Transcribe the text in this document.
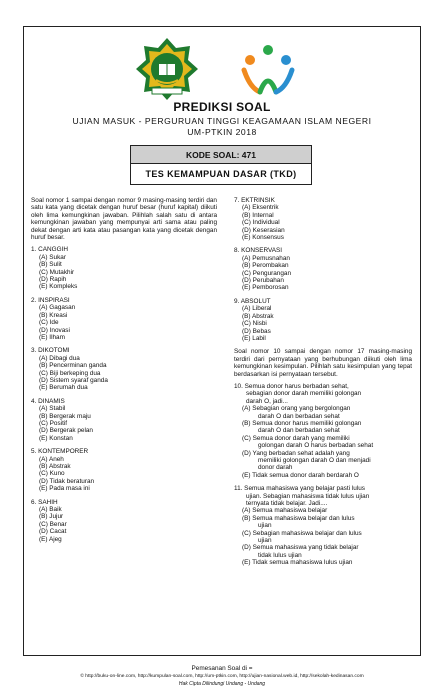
PREDIKSI SOAL
UJIAN MASUK - PERGURUAN TINGGI KEAGAMAAN ISLAM NEGERI
UM-PTKIN 2018
KODE SOAL: 471
TES KEMAMPUAN DASAR (TKD)
Soal nomor 1 sampai dengan nomor 9 masing-masing terdiri dan satu kata yang dicetak dengan huruf besar (huruf kapital) diikuti oleh lima kemungkinan jawaban. Pilihlah salah satu di antara kemungkinan jawaban yang mempunyai arti sama atau paling dekat dengan arti kata atau pasangan kata yang dicetak dengan huruf besar.
1. CANGGIH
(A) Sukar
(B) Sulit
(C) Mutakhir
(D) Rapih
(E) Kompleks
2. INSPIRASI
(A) Gagasan
(B) Kreasi
(C) Ide
(D) Inovasi
(E) Ilham
3. DIKOTOMI
(A) Dibagi dua
(B) Pencerminan ganda
(C) Biji berkeping dua
(D) Sistem syaraf ganda
(E) Berumah dua
4. DINAMIS
(A) Stabil
(B) Bergerak maju
(C) Positif
(D) Bergerak pelan
(E) Konstan
5. KONTEMPORER
(A) Aneh
(B) Abstrak
(C) Kuno
(D) Tidak beraturan
(E) Pada masa ini
6. SAHIH
(A) Baik
(B) Jujur
(C) Benar
(D) Cacat
(E) Ajeg
7. EKTRINSIK
(A) Eksentrik
(B) Internal
(C) Individual
(D) Keserasian
(E) Konsensus
8. KONSERVASI
(A) Pemusnahan
(B) Perombakan
(C) Pengurangan
(D) Perubahan
(E) Pemborosan
9. ABSOLUT
(A) Liberal
(B) Abstrak
(C) Nisbi
(D) Bebas
(E) Labil
Soal nomor 10 sampai dengan nomor 17 masing-masing terdiri dari pernyataan yang berhubungan diikuti oleh lima kemungkinan kesimpulan. Pilihlah satu kesimpulan yang tepat berdasarkan isi pernyataan tersebut.
10. Semua donor harus berbadan sehat,
sebagian donor darah memiliki golongan
darah O, jadi...
(A) Sebagian orang yang bergolongan
darah O dan berbadan sehat
(B) Semua donor harus memiliki golongan
darah O dan berbadan sehat
(C) Semua donor darah yang memiliki
golongan darah O harus berbadan sehat
(D) Yang berbadan sehat adalah yang
memiliki golongan darah O dan menjadi
donor darah
(E) Tidak semua donor darah berdarah O
11. Semua mahasiswa yang belajar pasti lulus
ujian. Sebagian mahasiswa tidak lulus ujian
ternyata tidak belajar. Jadi....
(A) Semua mahasiswa belajar
(B) Semua mahasiswa belajar dan lulus
ujian
(C) Sebagian mahasiswa belajar dan lulus
ujian
(D) Semua mahasiswa yang tidak belajar
tidak lulus ujian
(E) Tidak semua mahasiswa lulus ujian
Pemesanan Soal di =
© http://buku-on-line.com, http://kumpulan-soal.com, http://um-ptkin.com, http://ujian-nasional.web.id, http://sekolah-kedinasan.com
Hak Cipta Dilindungi Undang - Undang
